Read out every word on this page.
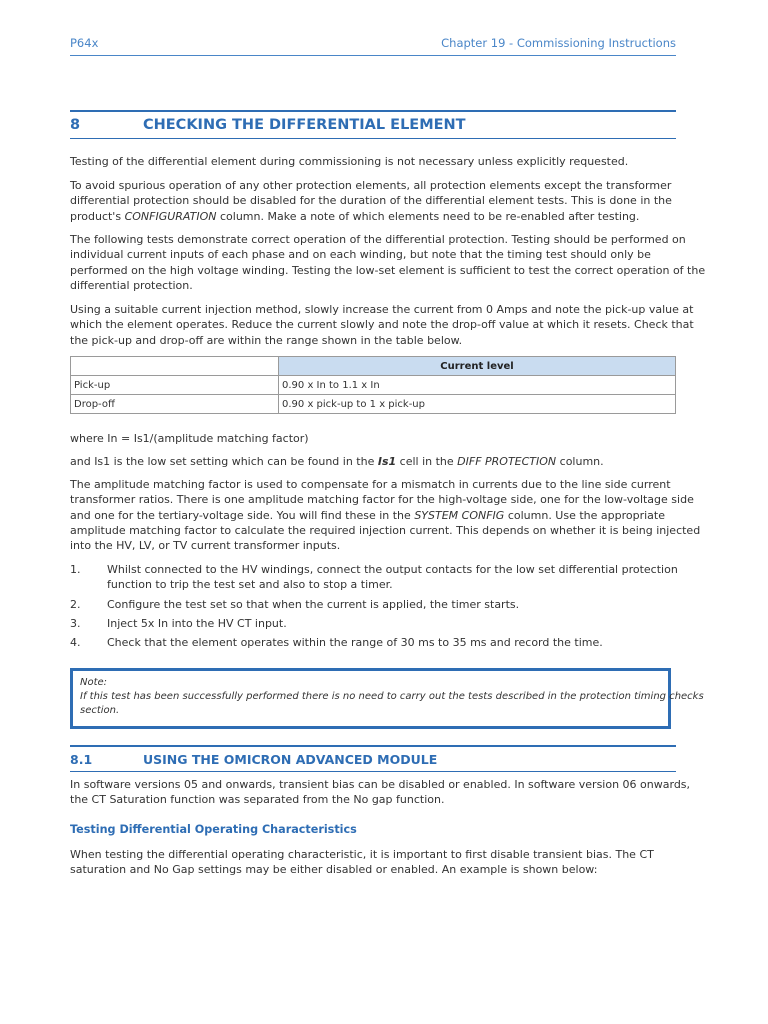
P64x	Chapter 19 - Commissioning Instructions
8	CHECKING THE DIFFERENTIAL ELEMENT
Testing of the differential element during commissioning is not necessary unless explicitly requested.
To avoid spurious operation of any other protection elements, all protection elements except the transformer
differential protection should be disabled for the duration of the differential element tests. This is done in the
product's CONFIGURATION column. Make a note of which elements need to be re-enabled after testing.
The following tests demonstrate correct operation of the differential protection. Testing should be performed on
individual current inputs of each phase and on each winding, but note that the timing test should only be
performed on the high voltage winding. Testing the low-set element is sufficient to test the correct operation of the
differential protection.
Using a suitable current injection method, slowly increase the current from 0 Amps and note the pick-up value at
which the element operates. Reduce the current slowly and note the drop-off value at which it resets. Check that
the pick-up and drop-off are within the range shown in the table below.
	Current level
Pick-up	0.90 x In to 1.1 x In
Drop-off	0.90 x pick-up to 1 x pick-up
where In = Is1/(amplitude matching factor)
and Is1 is the low set setting which can be found in the Is1 cell in the DIFF PROTECTION column.
The amplitude matching factor is used to compensate for a mismatch in currents due to the line side current
transformer ratios. There is one amplitude matching factor for the high-voltage side, one for the low-voltage side
and one for the tertiary-voltage side. You will find these in the SYSTEM CONFIG column. Use the appropriate
amplitude matching factor to calculate the required injection current. This depends on whether it is being injected
into the HV, LV, or TV current transformer inputs.
1. Whilst connected to the HV windings, connect the output contacts for the low set differential protection
function to trip the test set and also to stop a timer.
2. Configure the test set so that when the current is applied, the timer starts.
3. Inject 5x In into the HV CT input.
4. Check that the element operates within the range of 30 ms to 35 ms and record the time.
Note:
If this test has been successfully performed there is no need to carry out the tests described in the protection timing checks
section.
8.1	USING THE OMICRON ADVANCED MODULE
In software versions 05 and onwards, transient bias can be disabled or enabled. In software version 06 onwards,
the CT Saturation function was separated from the No gap function.
Testing Differential Operating Characteristics
When testing the differential operating characteristic, it is important to first disable transient bias. The CT
saturation and No Gap settings may be either disabled or enabled. An example is shown below:
